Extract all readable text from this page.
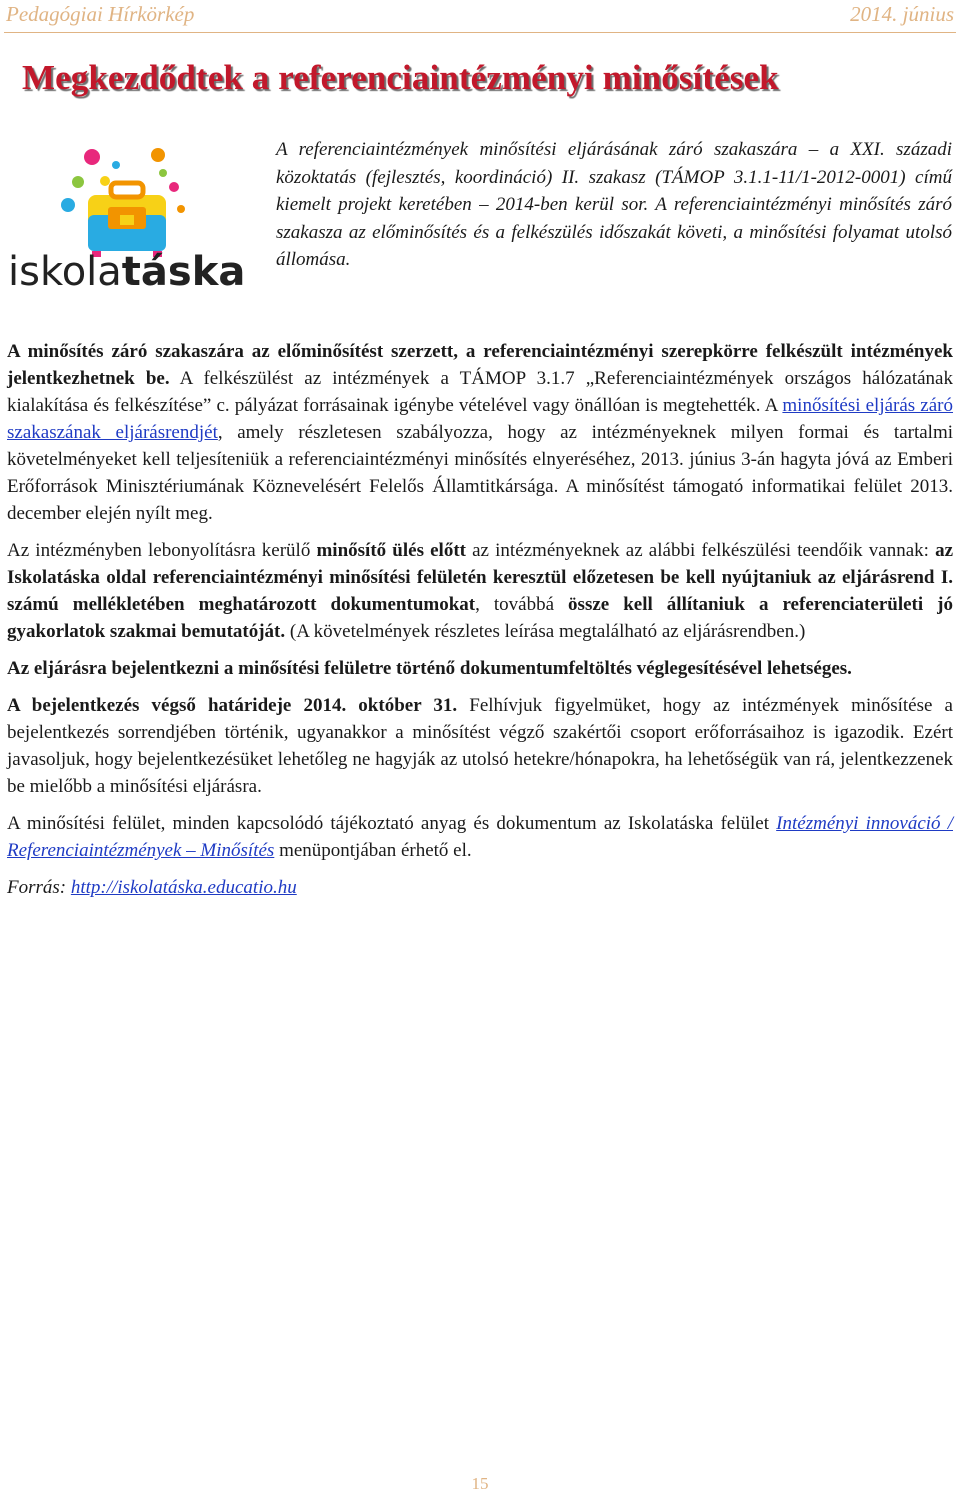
Pedagógiai Hírkörkép	2014. június
Megkezdődtek a referenciaintézményi minősítések
iskolatáska
A referenciaintézmények minősítési eljárásának záró szakaszára – a XXI. századi közoktatás (fejlesztés, koordináció) II. szakasz (TÁMOP 3.1.1-11/1-2012-0001) című kiemelt projekt keretében – 2014-ben kerül sor. A referenciaintézményi minősítés záró szakasza az előminősítés és a felkészülés időszakát követi, a minősítési folyamat utolsó állomása.

A minősítés záró szakaszára az előminősítést szerzett, a referenciaintézményi szerepkörre felkészült intézmények jelentkezhetnek be. A felkészülést az intézmények a TÁMOP 3.1.7 „Referenciaintézmények országos hálózatának kialakítása és felkészítése” c. pályázat forrásainak igénybe vételével vagy önállóan is megtehették. A minősítési eljárás záró szakaszának eljárásrendjét, amely részletesen szabályozza, hogy az intézményeknek milyen formai és tartalmi követelményeket kell teljesíteniük a referenciaintézményi minősítés elnyeréséhez, 2013. június 3-án hagyta jóvá az Emberi Erőforrások Minisztériumának Köznevelésért Felelős Államtitkársága. A minősítést támogató informatikai felület 2013. december elején nyílt meg.

Az intézményben lebonyolításra kerülő minősítő ülés előtt az intézményeknek az alábbi felkészülési teendőik vannak: az Iskolatáska oldal referenciaintézményi minősítési felületén keresztül előzetesen be kell nyújtaniuk az eljárásrend I. számú mellékletében meghatározott dokumentumokat, továbbá össze kell állítaniuk a referenciaterületi jó gyakorlatok szakmai bemutatóját. (A követelmények részletes leírása megtalálható az eljárásrendben.)

Az eljárásra bejelentkezni a minősítési felületre történő dokumentumfeltöltés véglegesítésével lehetséges.

A bejelentkezés végső határideje 2014. október 31. Felhívjuk figyelmüket, hogy az intézmények minősítése a bejelentkezés sorrendjében történik, ugyanakkor a minősítést végző szakértői csoport erőforrásaihoz is igazodik. Ezért javasoljuk, hogy bejelentkezésüket lehetőleg ne hagyják az utolsó hetekre/hónapokra, ha lehetőségük van rá, jelentkezzenek be mielőbb a minősítési eljárásra.

A minősítési felület, minden kapcsolódó tájékoztató anyag és dokumentum az Iskolatáska felület Intézményi innováció / Referenciaintézmények – Minősítés menüpontjában érhető el.

Forrás: http://iskolatáska.educatio.hu

15
